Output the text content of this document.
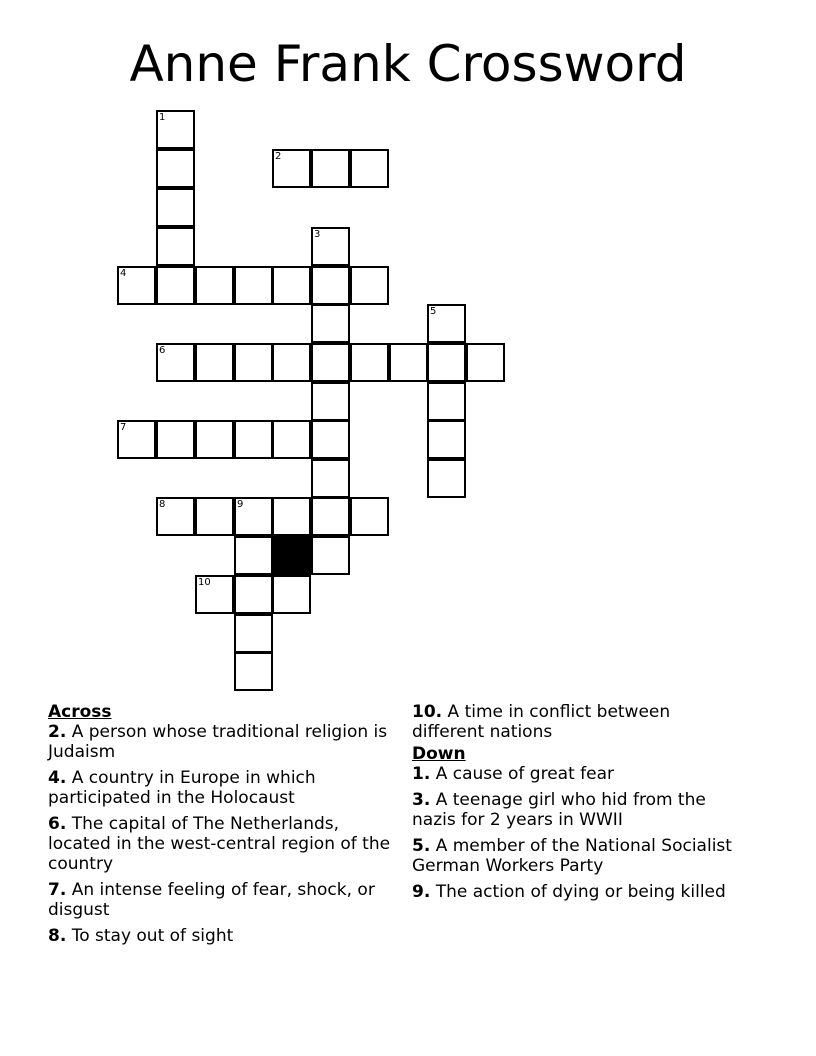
Anne Frank Crossword
1
2
3
4
5
6
7
8	9
10

Across

2. A person whose traditional religion is Judaism

4. A country in Europe in which participated in the Holocaust

6. The capital of The Netherlands, located in the west-central region of the country

7. An intense feeling of fear, shock, or disgust

8. To stay out of sight

10. A time in conflict between different nations

Down

1. A cause of great fear

3. A teenage girl who hid from the nazis for 2 years in WWII

5. A member of the National Socialist German Workers Party

9. The action of dying or being killed
